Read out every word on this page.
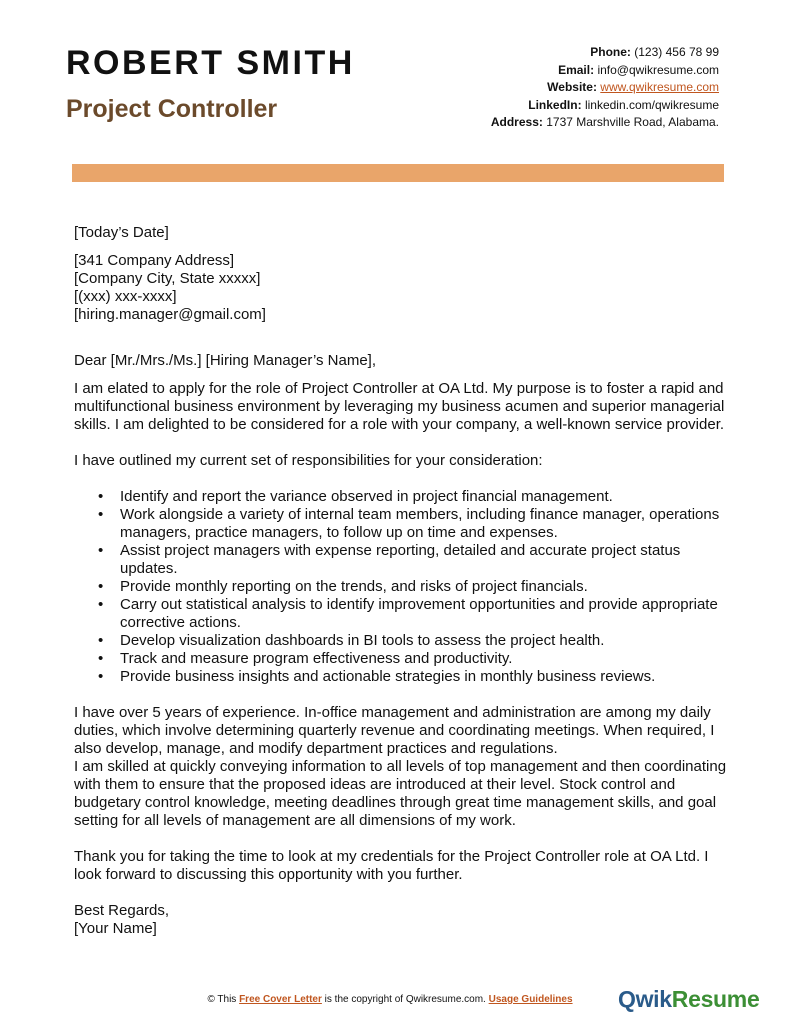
ROBERT SMITH
Project Controller
Phone: (123) 456 78 99
Email: info@qwikresume.com
Website: www.qwikresume.com
LinkedIn: linkedin.com/qwikresume
Address: 1737 Marshville Road, Alabama.

[Today’s Date]

[341 Company Address]

[Company City, State xxxxx]

[(xxx) xxx-xxxx]

[hiring.manager@gmail.com]

Dear [Mr./Mrs./Ms.] [Hiring Manager’s Name],

I am elated to apply for the role of Project Controller at OA Ltd. My purpose is to foster a rapid and multifunctional business environment by leveraging my business acumen and superior managerial skills. I am delighted to be considered for a role with your company, a well-known service provider.

I have outlined my current set of responsibilities for your consideration:

• Identify and report the variance observed in project financial management.
• Work alongside a variety of internal team members, including finance manager, operations managers, practice managers, to follow up on time and expenses.
• Assist project managers with expense reporting, detailed and accurate project status updates.
• Provide monthly reporting on the trends, and risks of project financials.
• Carry out statistical analysis to identify improvement opportunities and provide appropriate corrective actions.
• Develop visualization dashboards in BI tools to assess the project health.
• Track and measure program effectiveness and productivity.
• Provide business insights and actionable strategies in monthly business reviews.

I have over 5 years of experience. In-office management and administration are among my daily duties, which involve determining quarterly revenue and coordinating meetings. When required, I also develop, manage, and modify department practices and regulations.

I am skilled at quickly conveying information to all levels of top management and then coordinating with them to ensure that the proposed ideas are introduced at their level. Stock control and budgetary control knowledge, meeting deadlines through great time management skills, and goal setting for all levels of management are all dimensions of my work.

Thank you for taking the time to look at my credentials for the Project Controller role at OA Ltd. I look forward to discussing this opportunity with you further.

Best Regards,

[Your Name]

© This Free Cover Letter is the copyright of Qwikresume.com. Usage Guidelines	QwikResume
